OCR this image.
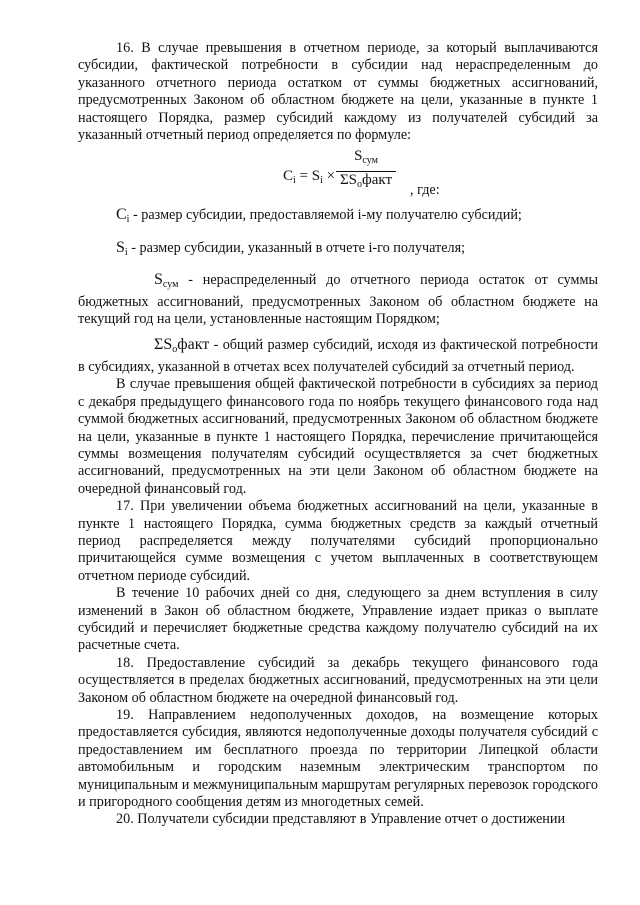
16. В случае превышения в отчетном периоде, за который выплачиваются субсидии, фактической потребности в субсидии над нераспределенным до указанного отчетного периода остатком от суммы бюджетных ассигнований, предусмотренных Законом об областном бюджете на цели, указанные в пункте 1 настоящего Порядка, размер субсидий каждому из получателей субсидий за указанный отчетный период определяется по формуле:

$C_i = S_i$ ×
$S_{сум}$
$\Sigma S_oфакт$
, где:

$C_i$ - размер субсидии, предоставляемой i-му получателю субсидий;

$S_i$ - размер субсидии, указанный в отчете i-го получателя;

$S_{сум}$ - нераспределенный до отчетного периода остаток от суммы бюджетных ассигнований, предусмотренных Законом об областном бюджете на текущий год на цели, установленные настоящим Порядком;

$\Sigma S_oфакт$ - общий размер субсидий, исходя из фактической потребности в субсидиях, указанной в отчетах всех получателей субсидий за отчетный период.

В случае превышения общей фактической потребности в субсидиях за период с декабря предыдущего финансового года по ноябрь текущего финансового года над суммой бюджетных ассигнований, предусмотренных Законом об областном бюджете на цели, указанные в пункте 1 настоящего Порядка, перечисление причитающейся суммы возмещения получателям субсидий осуществляется за счет бюджетных ассигнований, предусмотренных на эти цели Законом об областном бюджете на очередной финансовый год.

17. При увеличении объема бюджетных ассигнований на цели, указанные в пункте 1 настоящего Порядка, сумма бюджетных средств за каждый отчетный период распределяется между получателями субсидий пропорционально причитающейся сумме возмещения с учетом выплаченных в соответствующем отчетном периоде субсидий.

В течение 10 рабочих дней со дня, следующего за днем вступления в силу изменений в Закон об областном бюджете, Управление издает приказ о выплате субсидий и перечисляет бюджетные средства каждому получателю субсидий на их расчетные счета.

18. Предоставление субсидий за декабрь текущего финансового года осуществляется в пределах бюджетных ассигнований, предусмотренных на эти цели Законом об областном бюджете на очередной финансовый год.

19. Направлением недополученных доходов, на возмещение которых предоставляется субсидия, являются недополученные доходы получателя субсидий с предоставлением им бесплатного проезда по территории Липецкой области автомобильным и городским наземным электрическим транспортом по муниципальным и межмуниципальным маршрутам регулярных перевозок городского и пригородного сообщения детям из многодетных семей.

20. Получатели субсидии представляют в Управление отчет о достижении
